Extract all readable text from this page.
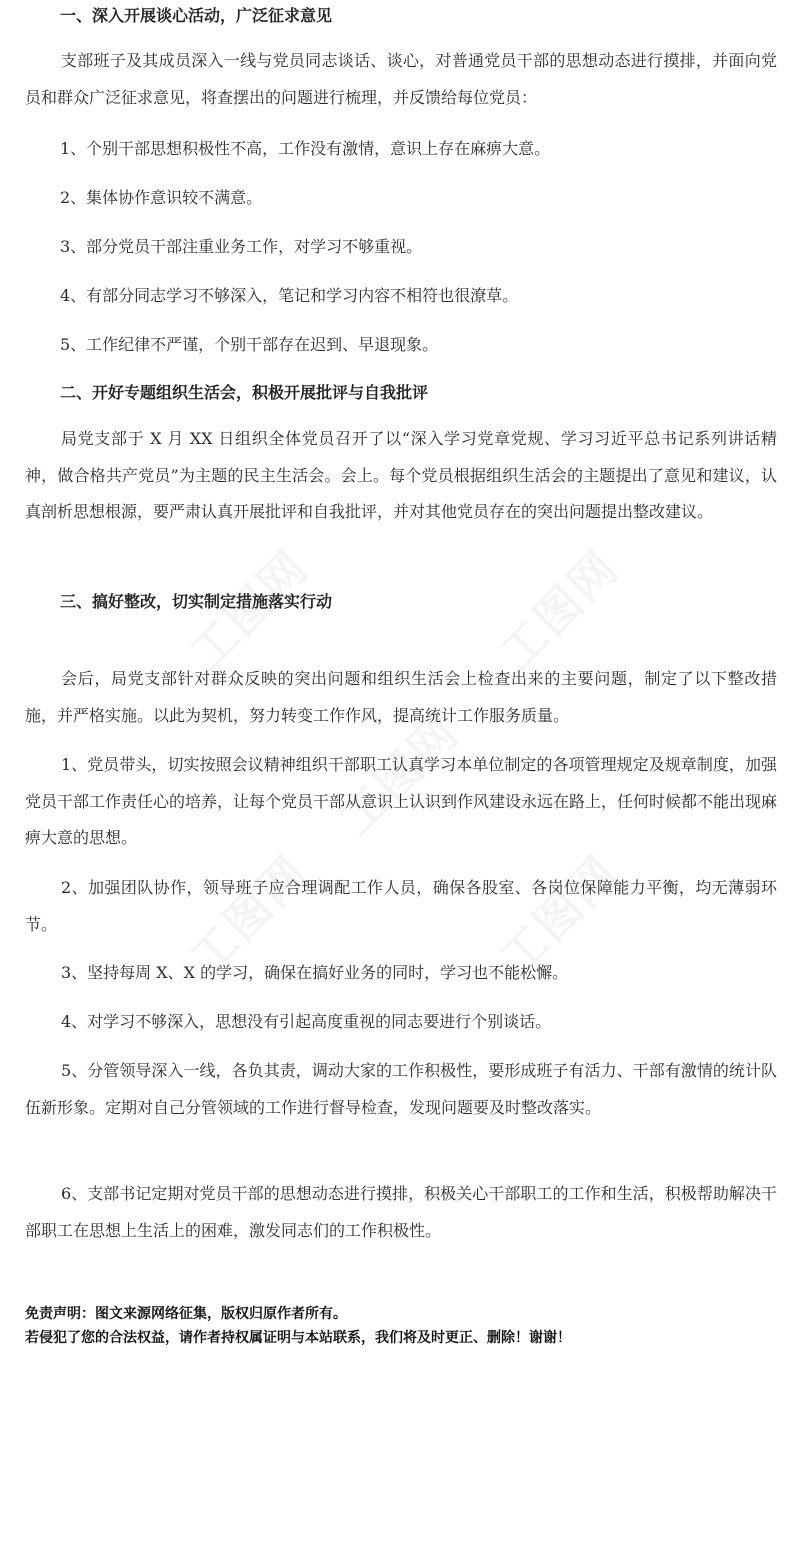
一、深入开展谈心活动，广泛征求意见
支部班子及其成员深入一线与党员同志谈话、谈心，对普通党员干部的思想动态进行摸排，并面向党员和群众广泛征求意见，将查摆出的问题进行梳理，并反馈给每位党员：
1、个别干部思想积极性不高，工作没有激情，意识上存在麻痹大意。
2、集体协作意识较不满意。
3、部分党员干部注重业务工作，对学习不够重视。
4、有部分同志学习不够深入，笔记和学习内容不相符也很潦草。
5、工作纪律不严谨，个别干部存在迟到、早退现象。
二、开好专题组织生活会，积极开展批评与自我批评
局党支部于 X 月 XX 日组织全体党员召开了以“深入学习党章党规、学习习近平总书记系列讲话精神，做合格共产党员”为主题的民主生活会。会上。每个党员根据组织生活会的主题提出了意见和建议，认真剖析思想根源，要严肃认真开展批评和自我批评，并对其他党员存在的突出问题提出整改建议。
三、搞好整改，切实制定措施落实行动
会后，局党支部针对群众反映的突出问题和组织生活会上检查出来的主要问题，制定了以下整改措施，并严格实施。以此为契机，努力转变工作作风，提高统计工作服务质量。
1、党员带头，切实按照会议精神组织干部职工认真学习本单位制定的各项管理规定及规章制度，加强党员干部工作责任心的培养，让每个党员干部从意识上认识到作风建设永远在路上，任何时候都不能出现麻痹大意的思想。
2、加强团队协作，领导班子应合理调配工作人员，确保各股室、各岗位保障能力平衡，均无薄弱环节。
3、坚持每周 X、X 的学习，确保在搞好业务的同时，学习也不能松懈。
4、对学习不够深入，思想没有引起高度重视的同志要进行个别谈话。
5、分管领导深入一线，各负其责，调动大家的工作积极性，要形成班子有活力、干部有激情的统计队伍新形象。定期对自己分管领域的工作进行督导检查，发现问题要及时整改落实。
6、支部书记定期对党员干部的思想动态进行摸排，积极关心干部职工的工作和生活，积极帮助解决干部职工在思想上生活上的困难，激发同志们的工作积极性。
免责声明：图文来源网络征集，版权归原作者所有。
若侵犯了您的合法权益，请作者持权属证明与本站联系，我们将及时更正、删除！谢谢！
